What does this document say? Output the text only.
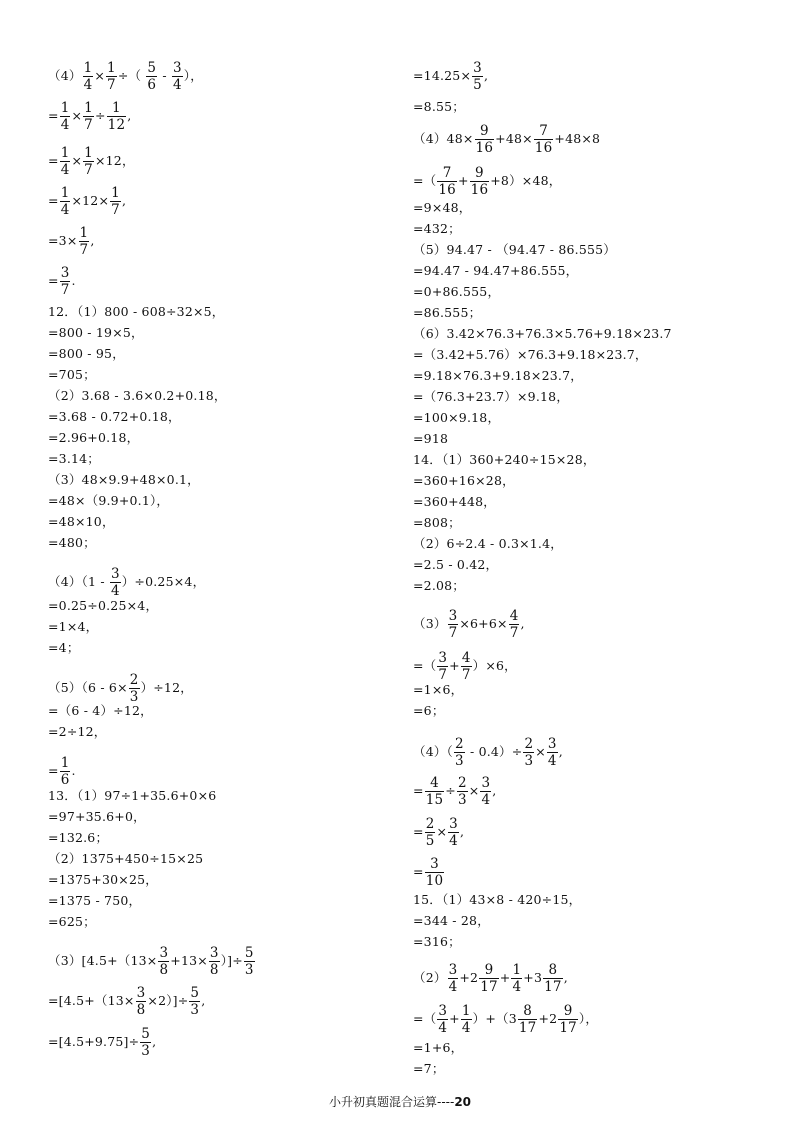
$(4) \frac{1}{4} \times \frac{1}{7}$ ÷（ $\frac{5}{6} - \frac{3}{4}$ ），
= $\frac{1}{4} \times \frac{1}{7} \div \frac{1}{12}$ ,
= $\frac{1}{4} \times \frac{1}{7} \times 12$，
= $\frac{1}{4} \times 12\times \frac{1}{7}$ ,
$=3\times \frac{1}{7}$ ,
= $\frac{3}{7}$ .
12．（1）800 - 608÷32×5，
=800 - 19×5，
=800 - 95，
=705；
（2）3.68 - 3.6×0.2+0.18，
=3.68 - 0.72+0.18，
=2.96+0.18，
=3.14；
（3）48×9.9+48×0.1，
=48×（9.9+0.1），
=48×10，
=480；
$(4)(1 - \frac{3}{4} )\div 0.25\times 4$，
=0.25÷0.25×4，
=1×4，
=4；
$(5)(6 - 6\times \frac{2}{3} )\div 12$，
=（6 - 4）÷12，
=2÷12，
= $\frac{1}{6}$ .
13．（1）97÷1+35.6+0×6
=97+35.6+0，
=132.6；
（2）1375+450÷15×25
=1375+30×25，
=1375 - 750，
=625；
$(3)[4.5+(13\times \frac{3}{8} +13\times \frac{3}{8}$ ）]÷ $\frac{5}{3}$
$=[4.5+(13\times \frac{3}{8} \times 2)]\div \frac{5}{3}$ ,
$=[4.5+9.75]\div \frac{5}{3}$ ,
$=14.25\times \frac{3}{5}$ ,
=8.55；
$(4)48\times \frac{9}{16} +48\times \frac{7}{16} +48\times 8$
=（ $\frac{7}{16} + \frac{9}{16} +8)\times 48$，
=9×48，
=432；
（5）94.47 - （94.47 - 86.555）
=94.47 - 94.47+86.555，
=0+86.555，
=86.555；
（6）3.42×76.3+76.3×5.76+9.18×23.7
=（3.42+5.76）×76.3+9.18×23.7，
=9.18×76.3+9.18×23.7，
=（76.3+23.7）×9.18，
=100×9.18，
=918
14．（1）360+240÷15×28，
=360+16×28，
=360+448，
=808；
（2）6÷2.4 - 0.3×1.4，
=2.5 - 0.42，
=2.08；
$(3) \frac{3}{7} \times 6+6\times \frac{4}{7}$ ,
=（ $\frac{3}{7} + \frac{4}{7} )\times 6$，
=1×6，
=6；
$(4)( \frac{2}{3} - 0.4)\div \frac{2}{3} \times \frac{3}{4}$ ,
= $\frac{4}{15} \div \frac{2}{3} \times \frac{3}{4}$ ,
= $\frac{2}{5} \times \frac{3}{4}$ ,
= $\frac{3}{10}$
15．（1）43×8 - 420÷15，
=344 - 28，
=316；
$(2) \frac{3}{4} +2 \frac{9}{17} + \frac{1}{4} +3 \frac{8}{17}$ ,
=（ $\frac{3}{4} + \frac{1}{4} )+(3 \frac{8}{17} +2 \frac{9}{17}$ ），
=1+6，
=7；
小升初真题混合运算----20
